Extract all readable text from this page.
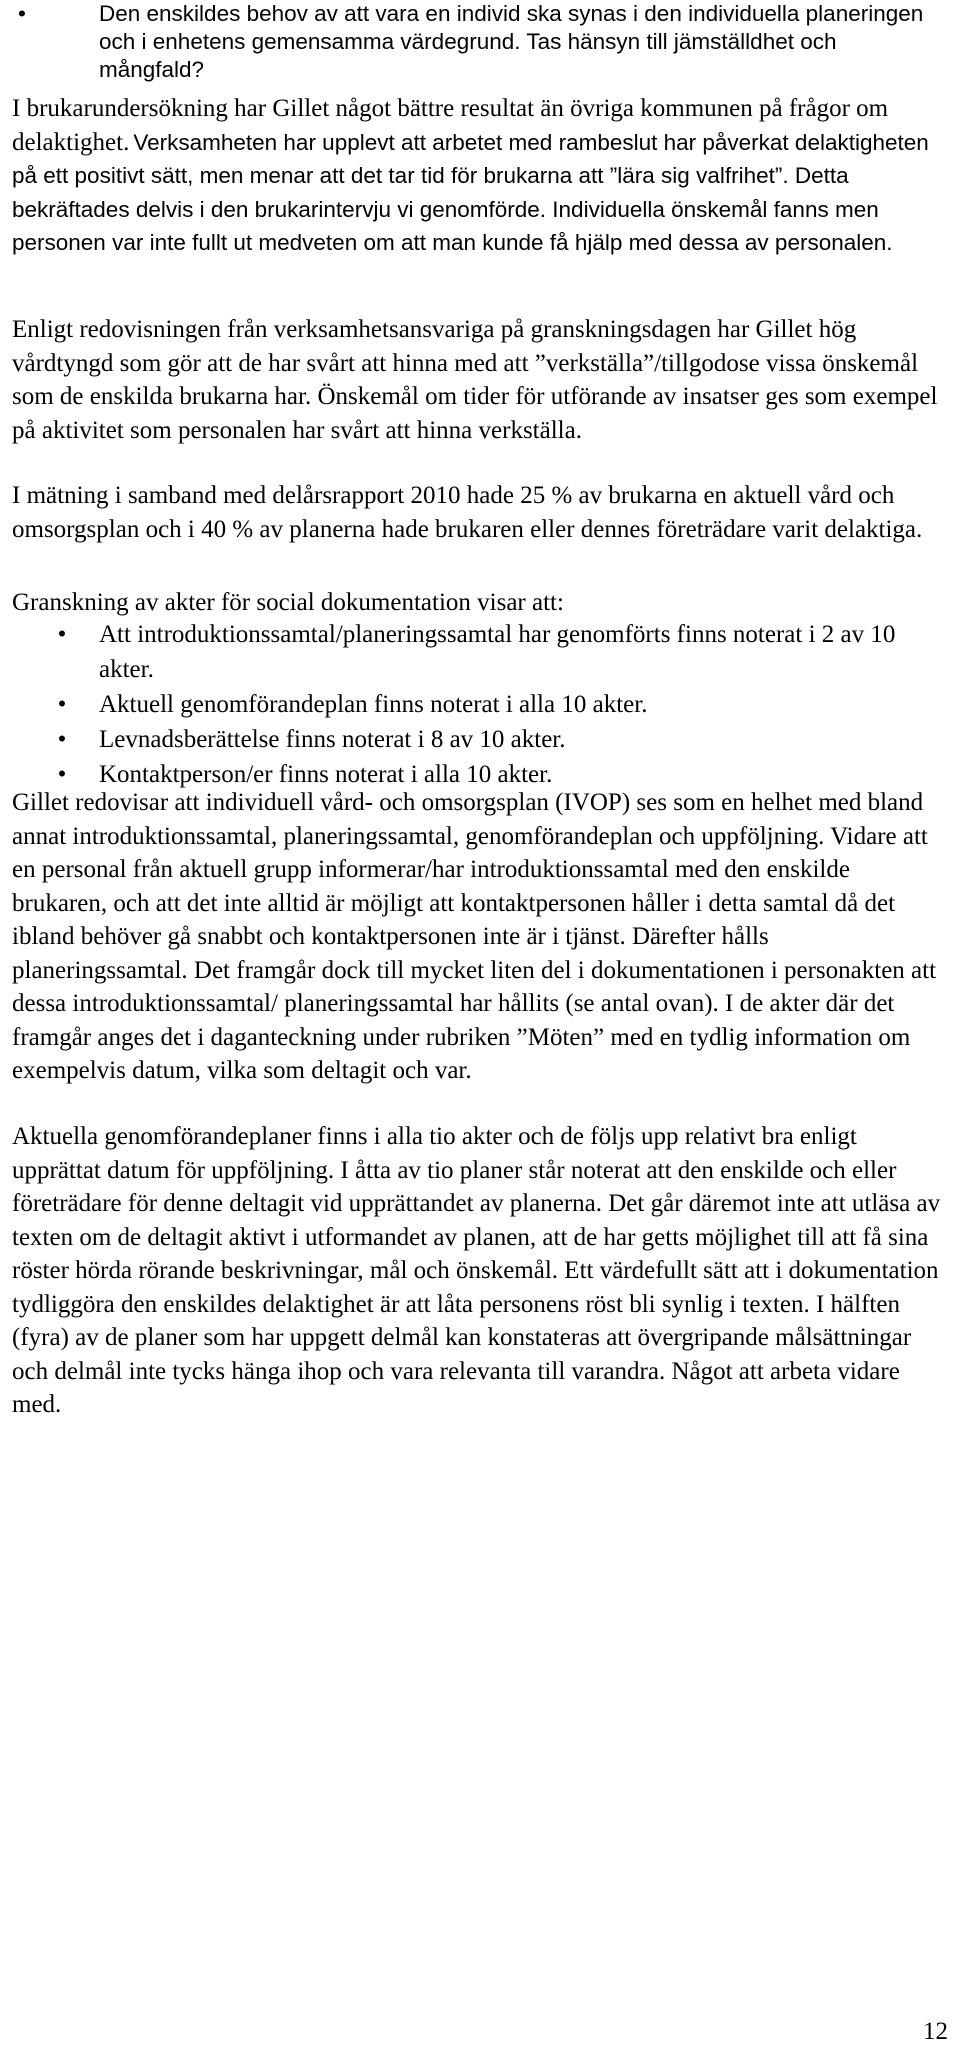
•	Den enskildes behov av att vara en individ ska synas i den individuella planeringen och i enhetens gemensamma värdegrund. Tas hänsyn till jämställdhet och mångfald?

I brukarundersökning har Gillet något bättre resultat än övriga kommunen på frågor om delaktighet. Verksamheten har upplevt att arbetet med rambeslut har påverkat delaktigheten på ett positivt sätt, men menar att det tar tid för brukarna att ”lära sig valfrihet”. Detta bekräftades delvis i den brukarintervju vi genomförde. Individuella önskemål fanns men personen var inte fullt ut medveten om att man kunde få hjälp med dessa av personalen.

Enligt redovisningen från verksamhetsansvariga på granskningsdagen har Gillet hög vårdtyngd som gör att de har svårt att hinna med att ”verkställa”/tillgodose vissa önskemål som de enskilda brukarna har. Önskemål om tider för utförande av insatser ges som exempel på aktivitet som personalen har svårt att hinna verkställa.

I mätning i samband med delårsrapport 2010 hade 25 % av brukarna en aktuell vård och omsorgsplan och i 40 % av planerna hade brukaren eller dennes företrädare varit delaktiga.

Granskning av akter för social dokumentation visar att:

• Att introduktionssamtal/planeringssamtal har genomförts finns noterat i 2 av 10 akter.
• Aktuell genomförandeplan finns noterat i alla 10 akter.
• Levnadsberättelse finns noterat i 8 av 10 akter.
• Kontaktperson/er finns noterat i alla 10 akter.

Gillet redovisar att individuell vård- och omsorgsplan (IVOP) ses som en helhet med bland annat introduktionssamtal, planeringssamtal, genomförandeplan och uppföljning. Vidare att en personal från aktuell grupp informerar/har introduktionssamtal med den enskilde brukaren, och att det inte alltid är möjligt att kontaktpersonen håller i detta samtal då det ibland behöver gå snabbt och kontaktpersonen inte är i tjänst. Därefter hålls planeringssamtal. Det framgår dock till mycket liten del i dokumentationen i personakten att dessa introduktionssamtal/ planeringssamtal har hållits (se antal ovan). I de akter där det framgår anges det i daganteckning under rubriken ”Möten” med en tydlig information om exempelvis datum, vilka som deltagit och var.

Aktuella genomförandeplaner finns i alla tio akter och de följs upp relativt bra enligt upprättat datum för uppföljning. I åtta av tio planer står noterat att den enskilde och eller företrädare för denne deltagit vid upprättandet av planerna. Det går däremot inte att utläsa av texten om de deltagit aktivt i utformandet av planen, att de har getts möjlighet till att få sina röster hörda rörande beskrivningar, mål och önskemål. Ett värdefullt sätt att i dokumentation tydliggöra den enskildes delaktighet är att låta personens röst bli synlig i texten. I hälften (fyra) av de planer som har uppgett delmål kan konstateras att övergripande målsättningar och delmål inte tycks hänga ihop och vara relevanta till varandra. Något att arbeta vidare med.

12
